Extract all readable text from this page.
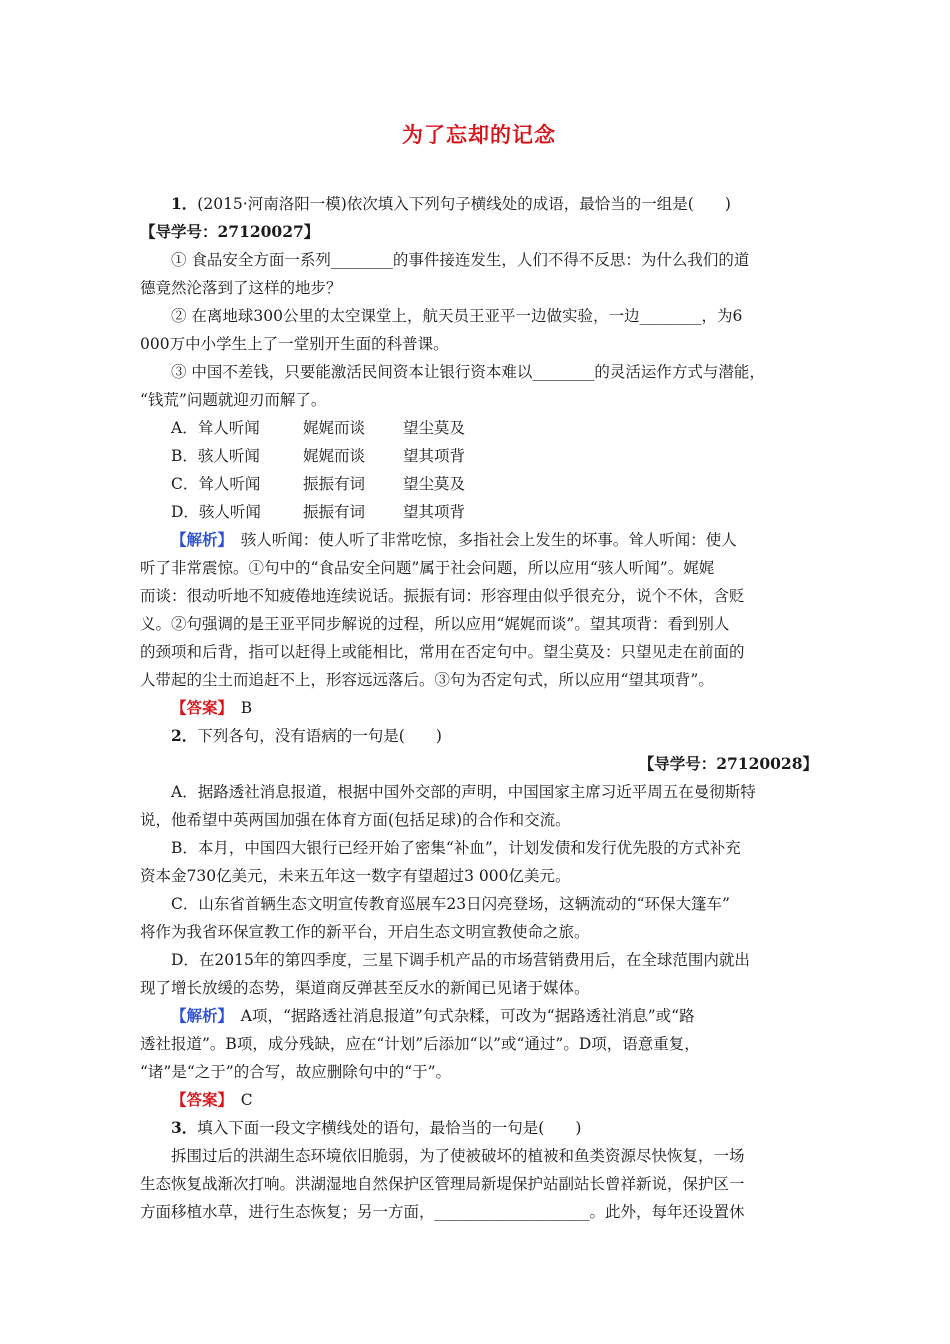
为了忘却的记念

1．(2015·河南洛阳一模)依次填入下列句子横线处的成语，最恰当的一组是(　　)

【导学号：27120027】

① 食品安全方面一系列________的事件接连发生，人们不得不反思：为什么我们的道

德竟然沦落到了这样的地步？

② 在离地球300公里的太空课堂上，航天员王亚平一边做实验，一边________，为6

000万中小学生上了一堂别开生面的科普课。

③ 中国不差钱，只要能激活民间资本让银行资本难以________的灵活运作方式与潜能，

“钱荒”问题就迎刃而解了。

A．耸人听闻	娓娓而谈	望尘莫及
B．骇人听闻	娓娓而谈	望其项背
C．耸人听闻	振振有词	望尘莫及
D．骇人听闻	振振有词	望其项背

【解析】　骇人听闻：使人听了非常吃惊，多指社会上发生的坏事。耸人听闻：使人

听了非常震惊。①句中的“食品安全问题”属于社会问题，所以应用“骇人听闻”。娓娓

而谈：很动听地不知疲倦地连续说话。振振有词：形容理由似乎很充分，说个不休，含贬

义。②句强调的是王亚平同步解说的过程，所以应用“娓娓而谈”。望其项背：看到别人

的颈项和后背，指可以赶得上或能相比，常用在否定句中。望尘莫及：只望见走在前面的

人带起的尘土而追赶不上，形容远远落后。③句为否定句式，所以应用“望其项背”。

【答案】　B

2．下列各句，没有语病的一句是(　　)

【导学号：27120028】

A．据路透社消息报道，根据中国外交部的声明，中国国家主席习近平周五在曼彻斯特

说，他希望中英两国加强在体育方面(包括足球)的合作和交流。

B．本月，中国四大银行已经开始了密集“补血”，计划发债和发行优先股的方式补充

资本金730亿美元，未来五年这一数字有望超过3 000亿美元。

C．山东省首辆生态文明宣传教育巡展车23日闪亮登场，这辆流动的“环保大篷车”

将作为我省环保宣教工作的新平台，开启生态文明宣教使命之旅。

D．在2015年的第四季度，三星下调手机产品的市场营销费用后，在全球范围内就出

现了增长放缓的态势，渠道商反弹甚至反水的新闻已见诸于媒体。

【解析】　A项，“据路透社消息报道”句式杂糅，可改为“据路透社消息”或“路

透社报道”。B项，成分残缺，应在“计划”后添加“以”或“通过”。D项，语意重复，

“诸”是“之于”的合写，故应删除句中的“于”。

【答案】　C

3．填入下面一段文字横线处的语句，最恰当的一句是(　　)

拆围过后的洪湖生态环境依旧脆弱，为了使被破坏的植被和鱼类资源尽快恢复，一场

生态恢复战渐次打响。洪湖湿地自然保护区管理局新堤保护站副站长曾祥新说，保护区一

方面移植水草，进行生态恢复；另一方面，____________________。此外，每年还设置休
